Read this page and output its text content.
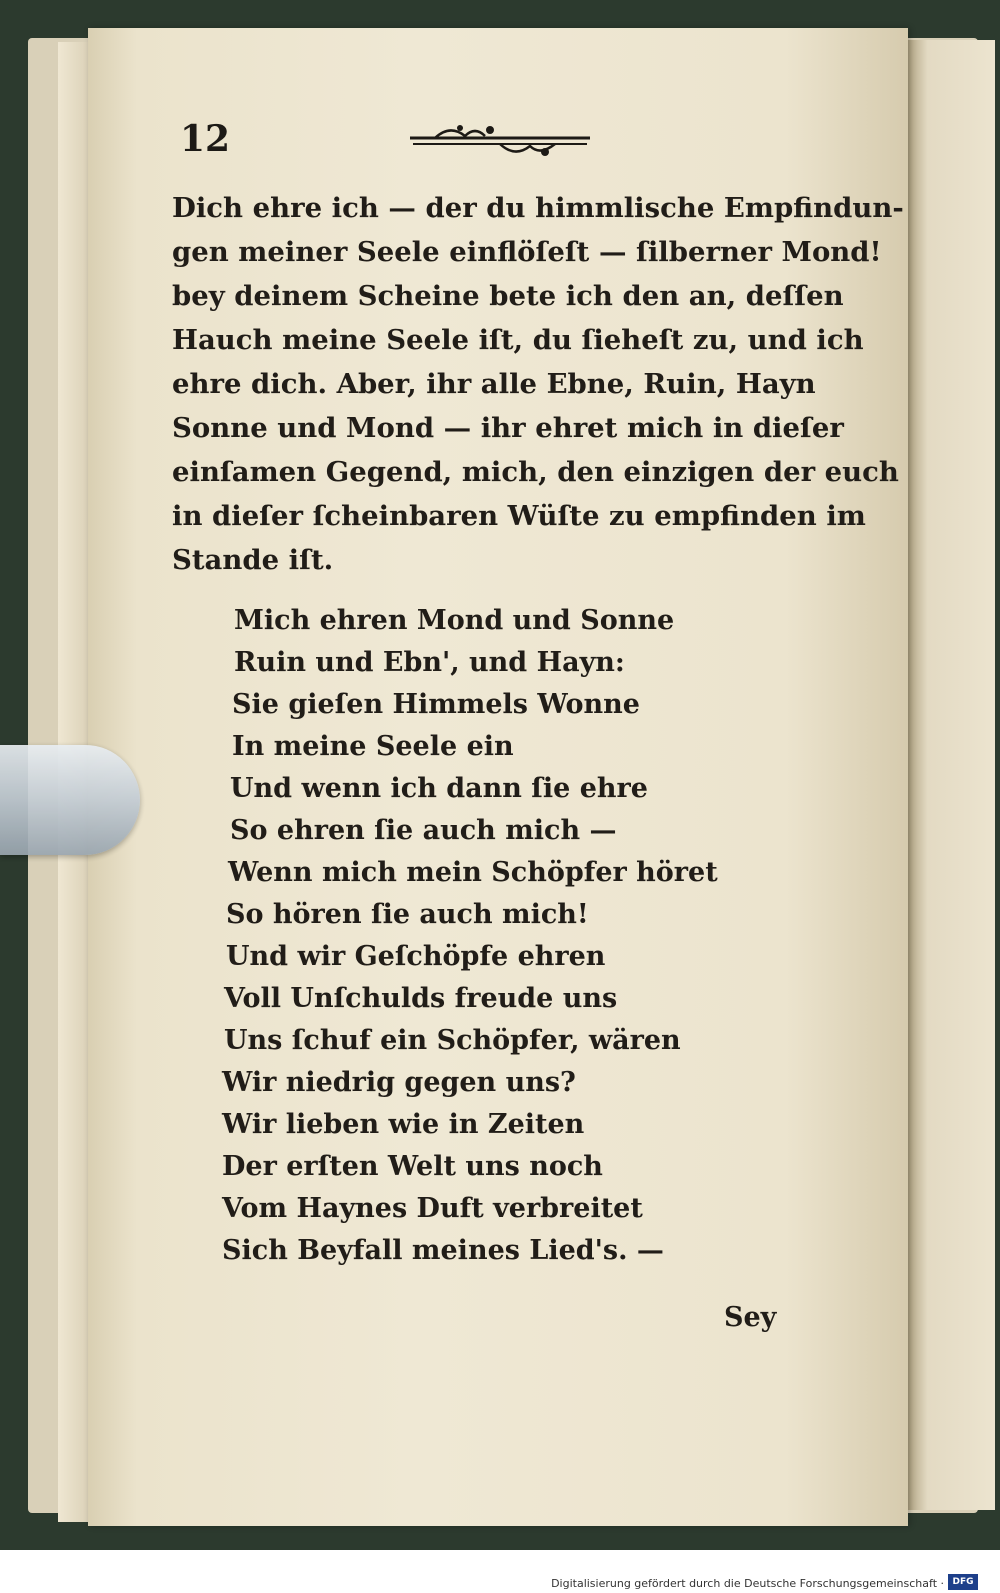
12
Dich ehre ich — der du himmlische Empfindun-
gen meiner Seele einflöſeſt — ſilberner Mond!
bey deinem Scheine bete ich den an, deſſen
Hauch meine Seele iſt, du ſieheſt zu, und ich
ehre dich. Aber, ihr alle Ebne, Ruin, Hayn
Sonne und Mond — ihr ehret mich in dieſer
einſamen Gegend, mich, den einzigen der euch
in dieſer ſcheinbaren Wüſte zu empfinden im
Stande iſt.
Mich ehren Mond und Sonne
Ruin und Ebn', und Hayn:
Sie gieſen Himmels Wonne
In meine Seele ein
Und wenn ich dann ſie ehre
So ehren ſie auch mich —
Wenn mich mein Schöpfer höret
So hören ſie auch mich!
Und wir Geſchöpfe ehren
Voll Unſchulds freude uns
Uns ſchuf ein Schöpfer, wären
Wir niedrig gegen uns?
Wir lieben wie in Zeiten
Der erſten Welt uns noch
Vom Haynes Duft verbreitet
Sich Beyfall meines Lied's. —
Sey
Digitalisierung gefördert durch die Deutsche Forschungsgemeinschaft · DFG
